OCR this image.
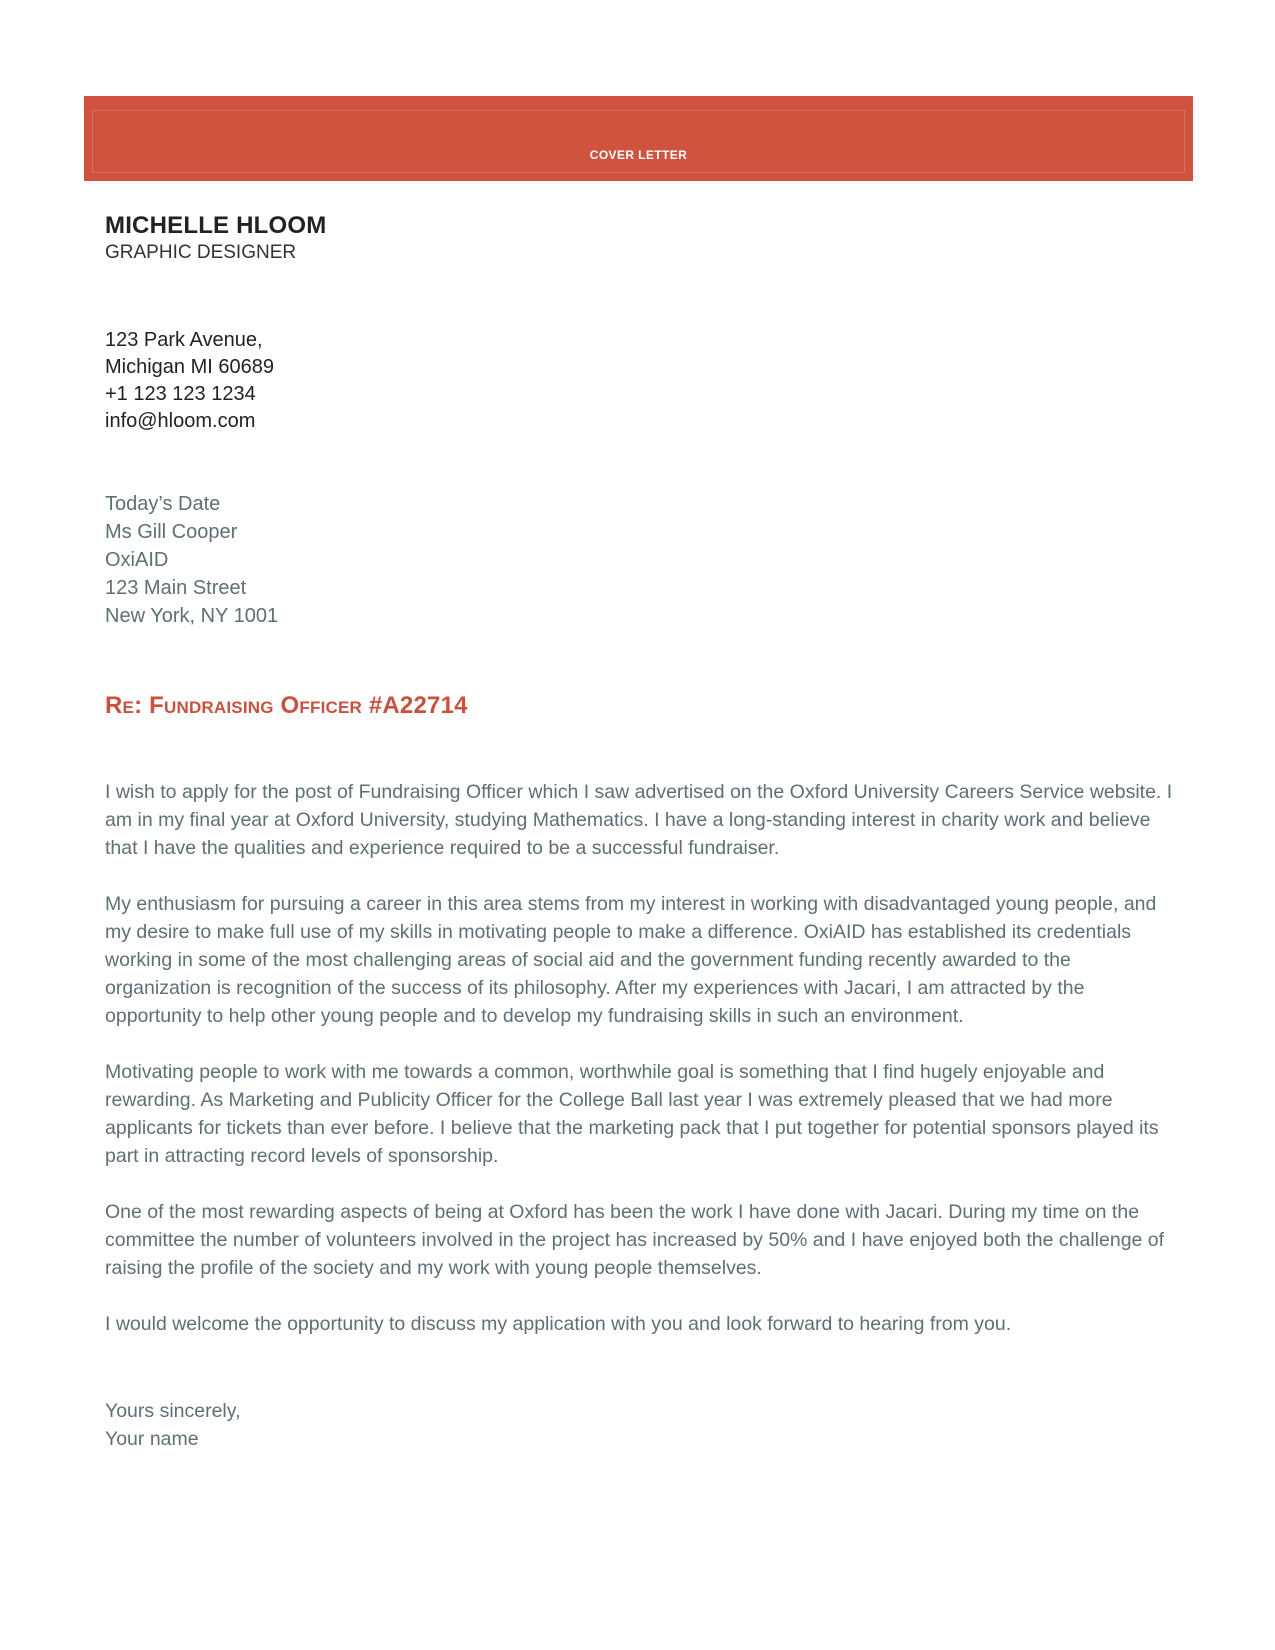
COVER LETTER
MICHELLE HLOOM
GRAPHIC DESIGNER
123 Park Avenue,
Michigan MI 60689
+1 123 123 1234
info@hloom.com
Today’s Date
Ms Gill Cooper
OxiAID
123 Main Street
New York, NY 1001
Re: Fundraising Officer #A22714

I wish to apply for the post of Fundraising Officer which I saw advertised on the Oxford University Careers Service website. I am in my final year at Oxford University, studying Mathematics. I have a long-standing interest in charity work and believe that I have the qualities and experience required to be a successful fundraiser.

My enthusiasm for pursuing a career in this area stems from my interest in working with disadvantaged young people, and my desire to make full use of my skills in motivating people to make a difference. OxiAID has established its credentials working in some of the most challenging areas of social aid and the government funding recently awarded to the organization is recognition of the success of its philosophy. After my experiences with Jacari, I am attracted by the opportunity to help other young people and to develop my fundraising skills in such an environment.

Motivating people to work with me towards a common, worthwhile goal is something that I find hugely enjoyable and rewarding. As Marketing and Publicity Officer for the College Ball last year I was extremely pleased that we had more applicants for tickets than ever before. I believe that the marketing pack that I put together for potential sponsors played its part in attracting record levels of sponsorship.

One of the most rewarding aspects of being at Oxford has been the work I have done with Jacari. During my time on the committee the number of volunteers involved in the project has increased by 50% and I have enjoyed both the challenge of raising the profile of the society and my work with young people themselves.

I would welcome the opportunity to discuss my application with you and look forward to hearing from you.

Yours sincerely,
Your name
